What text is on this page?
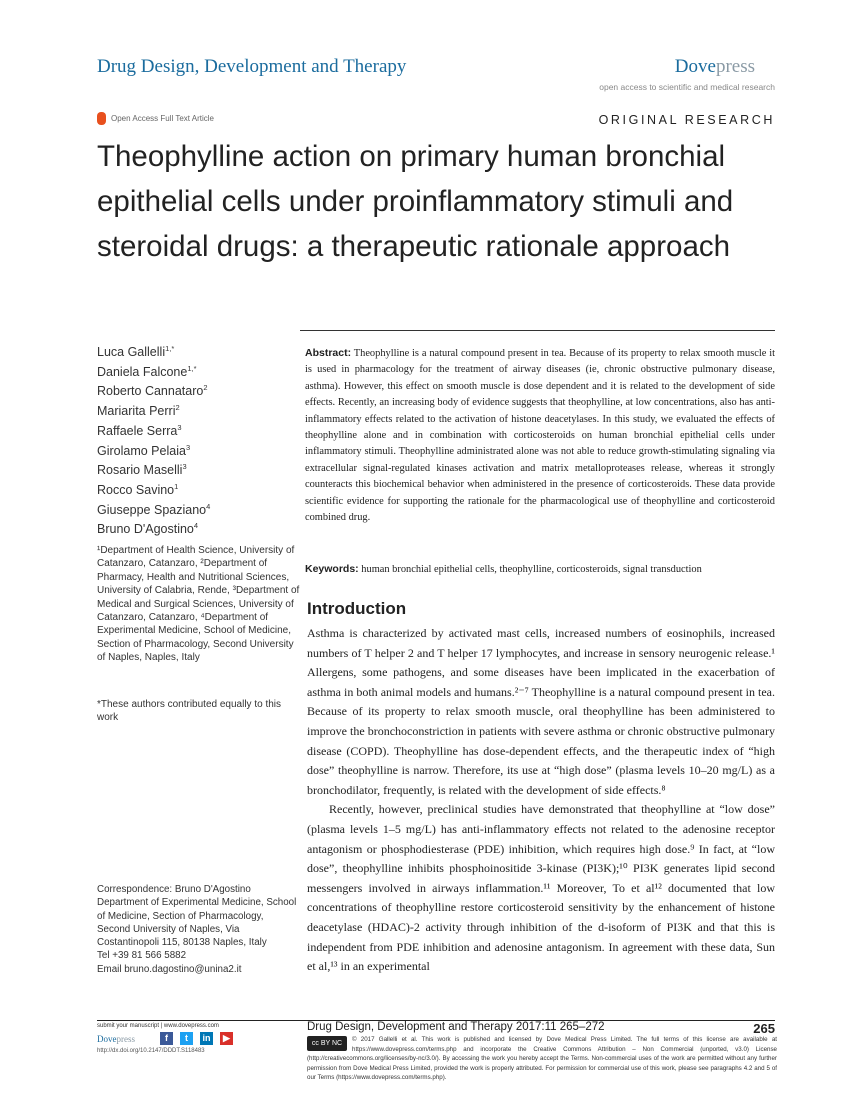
Drug Design, Development and Therapy	Dovepress
open access to scientific and medical research
Open Access Full Text Article	ORIGINAL RESEARCH
Theophylline action on primary human bronchial
epithelial cells under proinflammatory stimuli and
steroidal drugs: a therapeutic rationale approach
Luca Gallelli$^{1,*}$
Daniela Falcone$^{1,*}$
Roberto Cannataro$^2$
Mariarita Perri$^2$
Raffaele Serra$^3$
Girolamo Pelaia$^3$
Rosario Maselli$^3$
Rocco Savino$^1$
Giuseppe Spaziano$^4$
Bruno D'Agostino$^4$
¹Department of Health Science, University of Catanzaro, Catanzaro, ²Department of Pharmacy, Health and Nutritional Sciences, University of Calabria, Rende, ³Department of Medical and Surgical Sciences, University of Catanzaro, Catanzaro, ⁴Department of Experimental Medicine, School of Medicine, Section of Pharmacology, Second University of Naples, Naples, Italy
*These authors contributed equally to this work
Abstract: Theophylline is a natural compound present in tea. Because of its property to relax smooth muscle it is used in pharmacology for the treatment of airway diseases (ie, chronic obstructive pulmonary disease, asthma). However, this effect on smooth muscle is dose dependent and it is related to the development of side effects. Recently, an increasing body of evidence suggests that theophylline, at low concentrations, also has anti-inflammatory effects related to the activation of histone deacetylases. In this study, we evaluated the effects of theophylline alone and in combination with corticosteroids on human bronchial epithelial cells under inflammatory stimuli. Theophylline administrated alone was not able to reduce growth-stimulating signaling via extracellular signal-regulated kinases activation and matrix metalloproteases release, whereas it strongly counteracts this biochemical behavior when administered in the presence of corticosteroids. These data provide scientific evidence for supporting the rationale for the pharmacological use of theophylline and corticosteroid combined drug.
Keywords: human bronchial epithelial cells, theophylline, corticosteroids, signal transduction
Introduction

Asthma is characterized by activated mast cells, increased numbers of eosinophils, increased numbers of T helper 2 and T helper 17 lymphocytes, and increase in sensory neurogenic release.¹ Allergens, some pathogens, and some diseases have been implicated in the exacerbation of asthma in both animal models and humans.²⁻⁷ Theophylline is a natural compound present in tea. Because of its property to relax smooth muscle, oral theophylline has been administered to improve the bronchoconstriction in patients with severe asthma or chronic obstructive pulmonary disease (COPD). Theophylline has dose-dependent effects, and the therapeutic index of “high dose” theophylline is narrow. Therefore, its use at “high dose” (plasma levels 10–20 mg/L) as a bronchodilator, frequently, is related with the development of side effects.⁸

Recently, however, preclinical studies have demonstrated that theophylline at “low dose” (plasma levels 1–5 mg/L) has anti-inflammatory effects not related to the adenosine receptor antagonism or phosphodiesterase (PDE) inhibition, which requires high dose.⁹ In fact, at “low dose”, theophylline inhibits phosphoinositide 3-kinase (PI3K);¹⁰ PI3K generates lipid second messengers involved in airways inflammation.¹¹ Moreover, To et al¹² documented that low concentrations of theophylline restore corticosteroid sensitivity by the enhancement of histone deacetylase (HDAC)-2 activity through inhibition of the d-isoform of PI3K and that this is independent from PDE inhibition and adenosine antagonism. In agreement with these data, Sun et al,¹³ in an experimental

Correspondence: Bruno D'Agostino
Department of Experimental Medicine, School of Medicine, Section of Pharmacology, Second University of Naples, Via Costantinopoli 115, 80138 Naples, Italy
Tel +39 81 566 5882
Email bruno.dagostino@unina2.it
submit your manuscript | www.dovepress.com
Dovepress	f	t	in	▶
http://dx.doi.org/10.2147/DDDT.S118483
Drug Design, Development and Therapy 2017:11 265–272	265
cc BY NC
© 2017 Gallelli et al. This work is published and licensed by Dove Medical Press Limited. The full terms of this license are available at https://www.dovepress.com/terms.php and incorporate the Creative Commons Attribution – Non Commercial (unported, v3.0) License (http://creativecommons.org/licenses/by-nc/3.0/). By accessing the work you hereby accept the Terms. Non-commercial uses of the work are permitted without any further permission from Dove Medical Press Limited, provided the work is properly attributed. For permission for commercial use of this work, please see paragraphs 4.2 and 5 of our Terms (https://www.dovepress.com/terms.php).
